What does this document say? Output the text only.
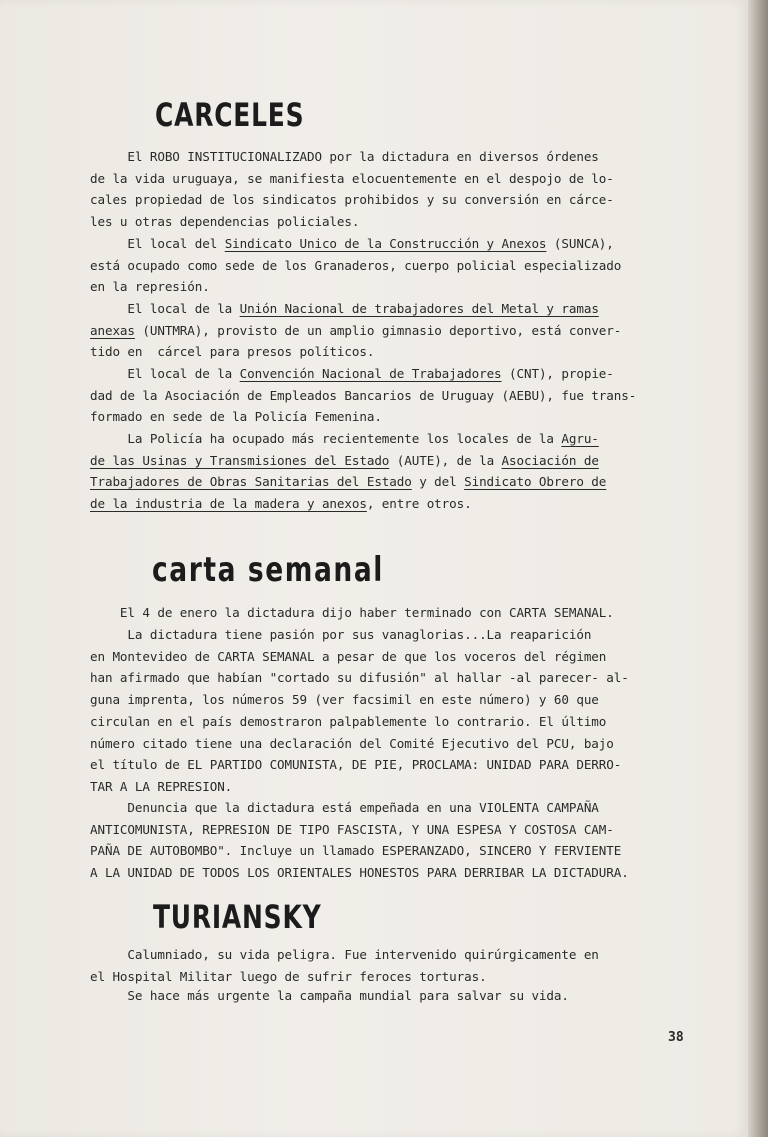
CARCELES
El ROBO INSTITUCIONALIZADO por la dictadura en diversos órdenes
de la vida uruguaya, se manifiesta elocuentemente en el despojo de lo-
cales propiedad de los sindicatos prohibidos y su conversión en cárce-
les u otras dependencias policiales.
El local del Sindicato Unico de la Construcción y Anexos (SUNCA),
está ocupado como sede de los Granaderos, cuerpo policial especializado
en la represión.
El local de la Unión Nacional de trabajadores del Metal y ramas
anexas (UNTMRA), provisto de un amplio gimnasio deportivo, está conver-
tido en  cárcel para presos políticos.
El local de la Convención Nacional de Trabajadores (CNT), propie-
dad de la Asociación de Empleados Bancarios de Uruguay (AEBU), fue trans-
formado en sede de la Policía Femenina.
La Policía ha ocupado más recientemente los locales de la Agru-
de las Usinas y Transmisiones del Estado (AUTE), de la Asociación de
Trabajadores de Obras Sanitarias del Estado y del Sindicato Obrero de
de la industria de la madera y anexos, entre otros.
carta semanal
El 4 de enero la dictadura dijo haber terminado con CARTA SEMANAL.
La dictadura tiene pasión por sus vanaglorias...La reaparición
en Montevideo de CARTA SEMANAL a pesar de que los voceros del régimen
han afirmado que habían "cortado su difusión" al hallar -al parecer- al-
guna imprenta, los números 59 (ver facsimil en este número) y 60 que
circulan en el país demostraron palpablemente lo contrario. El último
número citado tiene una declaración del Comité Ejecutivo del PCU, bajo
el título de EL PARTIDO COMUNISTA, DE PIE, PROCLAMA: UNIDAD PARA DERRO-
TAR A LA REPRESION.
Denuncia que la dictadura está empeñada en una VIOLENTA CAMPAÑA
ANTICOMUNISTA, REPRESION DE TIPO FASCISTA, Y UNA ESPESA Y COSTOSA CAM-
PAÑA DE AUTOBOMBO". Incluye un llamado ESPERANZADO, SINCERO Y FERVIENTE
A LA UNIDAD DE TODOS LOS ORIENTALES HONESTOS PARA DERRIBAR LA DICTADURA.
TURIANSKY
Calumniado, su vida peligra. Fue intervenido quirúrgicamente en
el Hospital Militar luego de sufrir feroces torturas.
Se hace más urgente la campaña mundial para salvar su vida.
38
